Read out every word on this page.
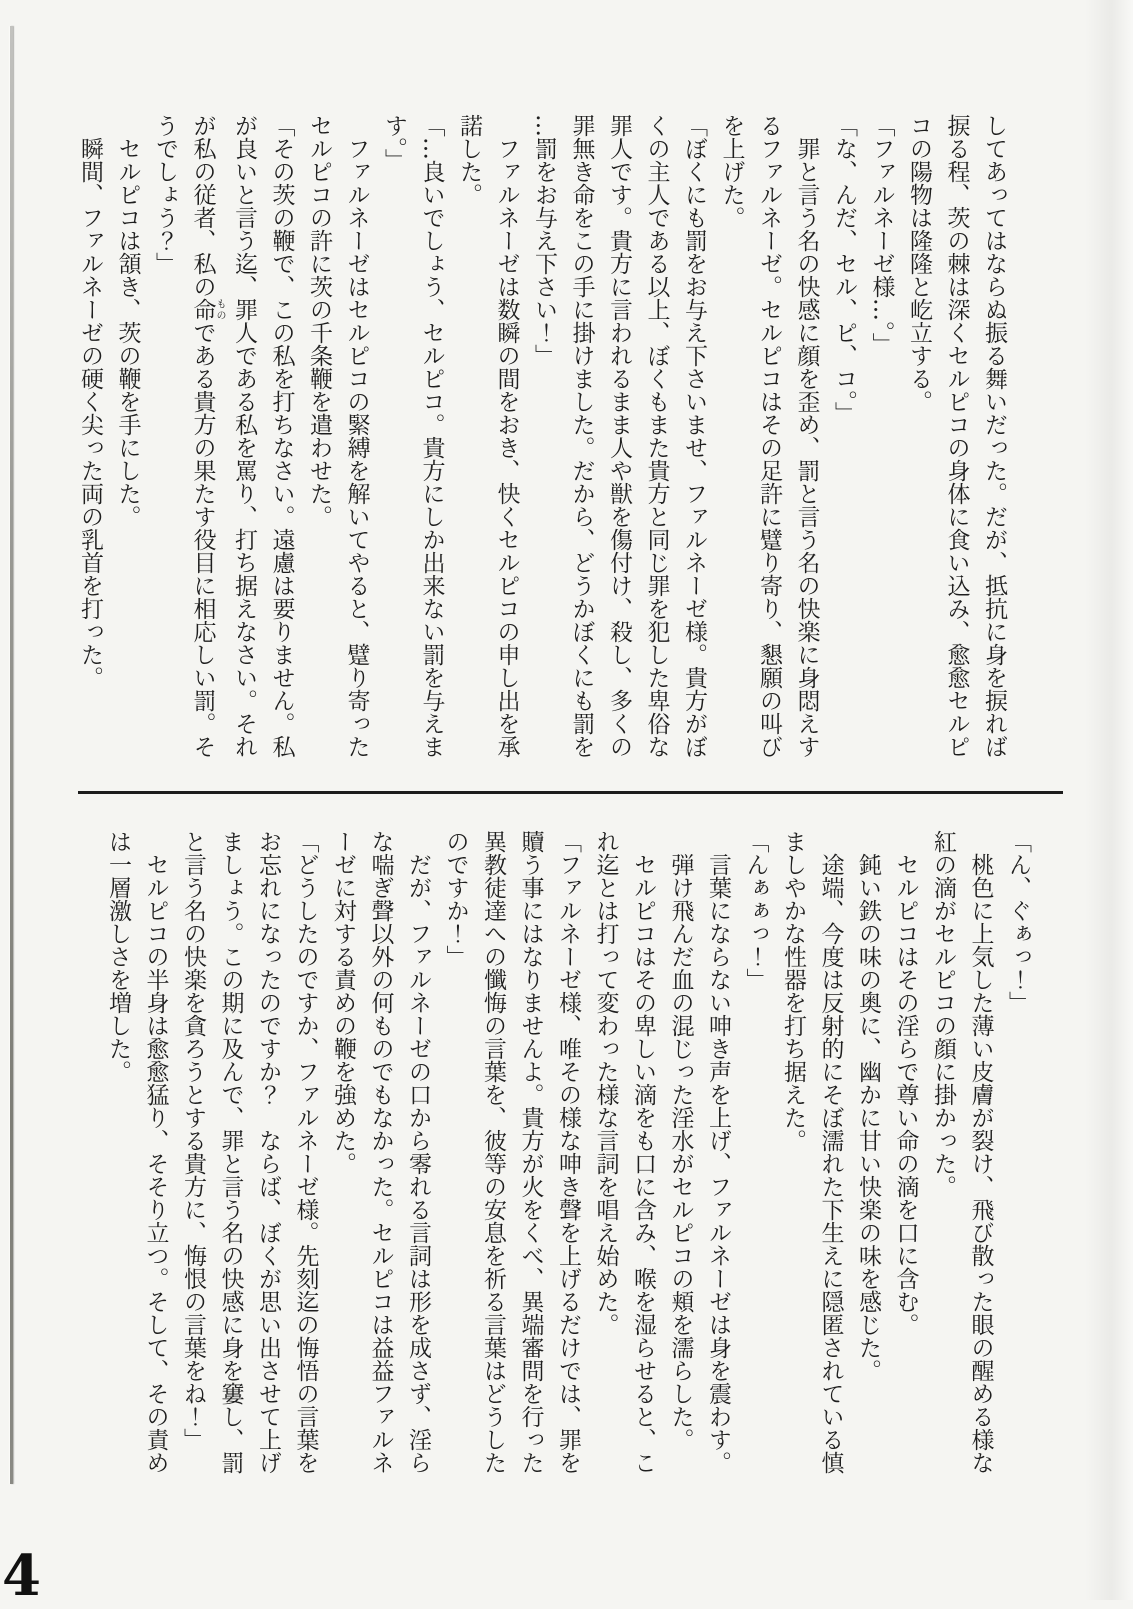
してあってはならぬ振る舞いだった。だが、抵抗に身を捩れば
捩る程、茨の棘は深くセルピコの身体に食い込み、愈愈セルピ
コの陽物は隆隆と屹立する。
「ファルネーゼ様…。」
「な、んだ、セル、ピ、コ。」
罪と言う名の快感に顔を歪め、罰と言う名の快楽に身悶えす
るファルネーゼ。セルピコはその足許に躄り寄り、懇願の叫び
を上げた。
「ぼくにも罰をお与え下さいませ、ファルネーゼ様。貴方がぼ
くの主人である以上、ぼくもまた貴方と同じ罪を犯した卑俗な
罪人です。貴方に言われるまま人や獣を傷付け、殺し、多くの
罪無き命をこの手に掛けました。だから、どうかぼくにも罰を
…罰をお与え下さい！」
ファルネーゼは数瞬の間をおき、快くセルピコの申し出を承
諾した。
「…良いでしょう、セルピコ。貴方にしか出来ない罰を与えま
す。」
ファルネーゼはセルピコの緊縛を解いてやると、躄り寄った
セルピコの許に茨の千条鞭を遣わせた。
「その茨の鞭で、この私を打ちなさい。遠慮は要りません。私
が良いと言う迄、罪人である私を罵り、打ち据えなさい。それ
が私の従者、私の命ものである貴方の果たす役目に相応しい罰。そ
うでしょう？」
セルピコは頷き、茨の鞭を手にした。
瞬間、ファルネーゼの硬く尖った両の乳首を打った。
「ん、ぐぁっ！」
桃色に上気した薄い皮膚が裂け、飛び散った眼の醒める様な
紅の滴がセルピコの顔に掛かった。
セルピコはその淫らで尊い命の滴を口に含む。
鈍い鉄の味の奥に、幽かに甘い快楽の味を感じた。
途端、今度は反射的にそぼ濡れた下生えに隠匿されている慎
ましやかな性器を打ち据えた。
「んぁぁっ！」
言葉にならない呻き声を上げ、ファルネーゼは身を震わす。
弾け飛んだ血の混じった淫水がセルピコの頬を濡らした。
セルピコはその卑しい滴をも口に含み、喉を湿らせると、こ
れ迄とは打って変わった様な言詞を唱え始めた。
「ファルネーゼ様、唯その様な呻き聲を上げるだけでは、罪を
贖う事にはなりませんよ。貴方が火をくべ、異端審問を行った
異教徒達への懺悔の言葉を、彼等の安息を祈る言葉はどうした
のですか！」
だが、ファルネーゼの口から零れる言詞は形を成さず、淫ら
な喘ぎ聲以外の何ものでもなかった。セルピコは益益ファルネ
ーゼに対する責めの鞭を強めた。
「どうしたのですか、ファルネーゼ様。先刻迄の悔悟の言葉を
お忘れになったのですか？　ならば、ぼくが思い出させて上げ
ましょう。この期に及んで、罪と言う名の快感に身を窶し、罰
と言う名の快楽を貪ろうとする貴方に、悔恨の言葉をね！」
セルピコの半身は愈愈猛り、そそり立つ。そして、その責め
は一層激しさを増した。
4
